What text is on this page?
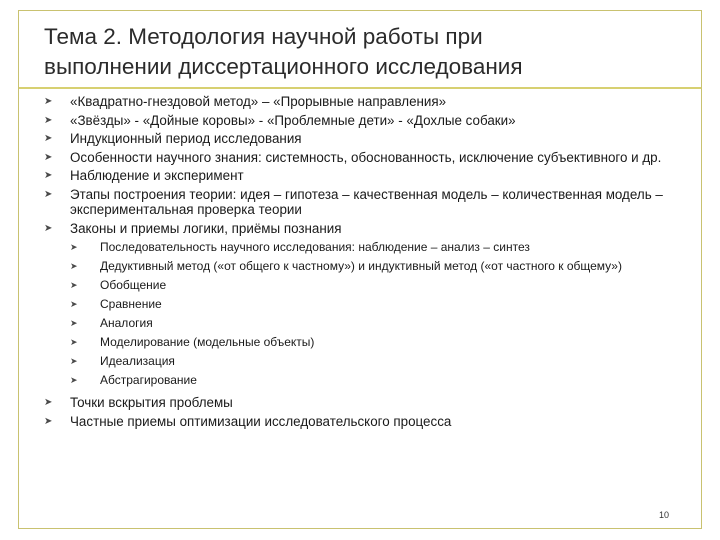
Тема 2. Методология научной работы при
выполнении диссертационного исследования
➤	«Квадратно-гнездовой метод» – «Прорывные направления»
➤	«Звёзды» - «Дойные коровы» - «Проблемные дети» - «Дохлые собаки»
➤	Индукционный период исследования
➤	Особенности научного знания: системность, обоснованность, исключение субъективного и др.
➤	Наблюдение и эксперимент
➤	Этапы построения теории: идея – гипотеза – качественная модель – количественная модель – экспериментальная проверка теории
➤	Законы и приемы логики, приёмы познания
➤	Последовательность научного исследования: наблюдение – анализ – синтез
➤	Дедуктивный метод («от общего к частному») и индуктивный метод («от частного к общему»)
➤	Обобщение
➤	Сравнение
➤	Аналогия
➤	Моделирование (модельные объекты)
➤	Идеализация
➤	Абстрагирование
➤	Точки вскрытия проблемы
➤	Частные приемы оптимизации исследовательского процесса
10
